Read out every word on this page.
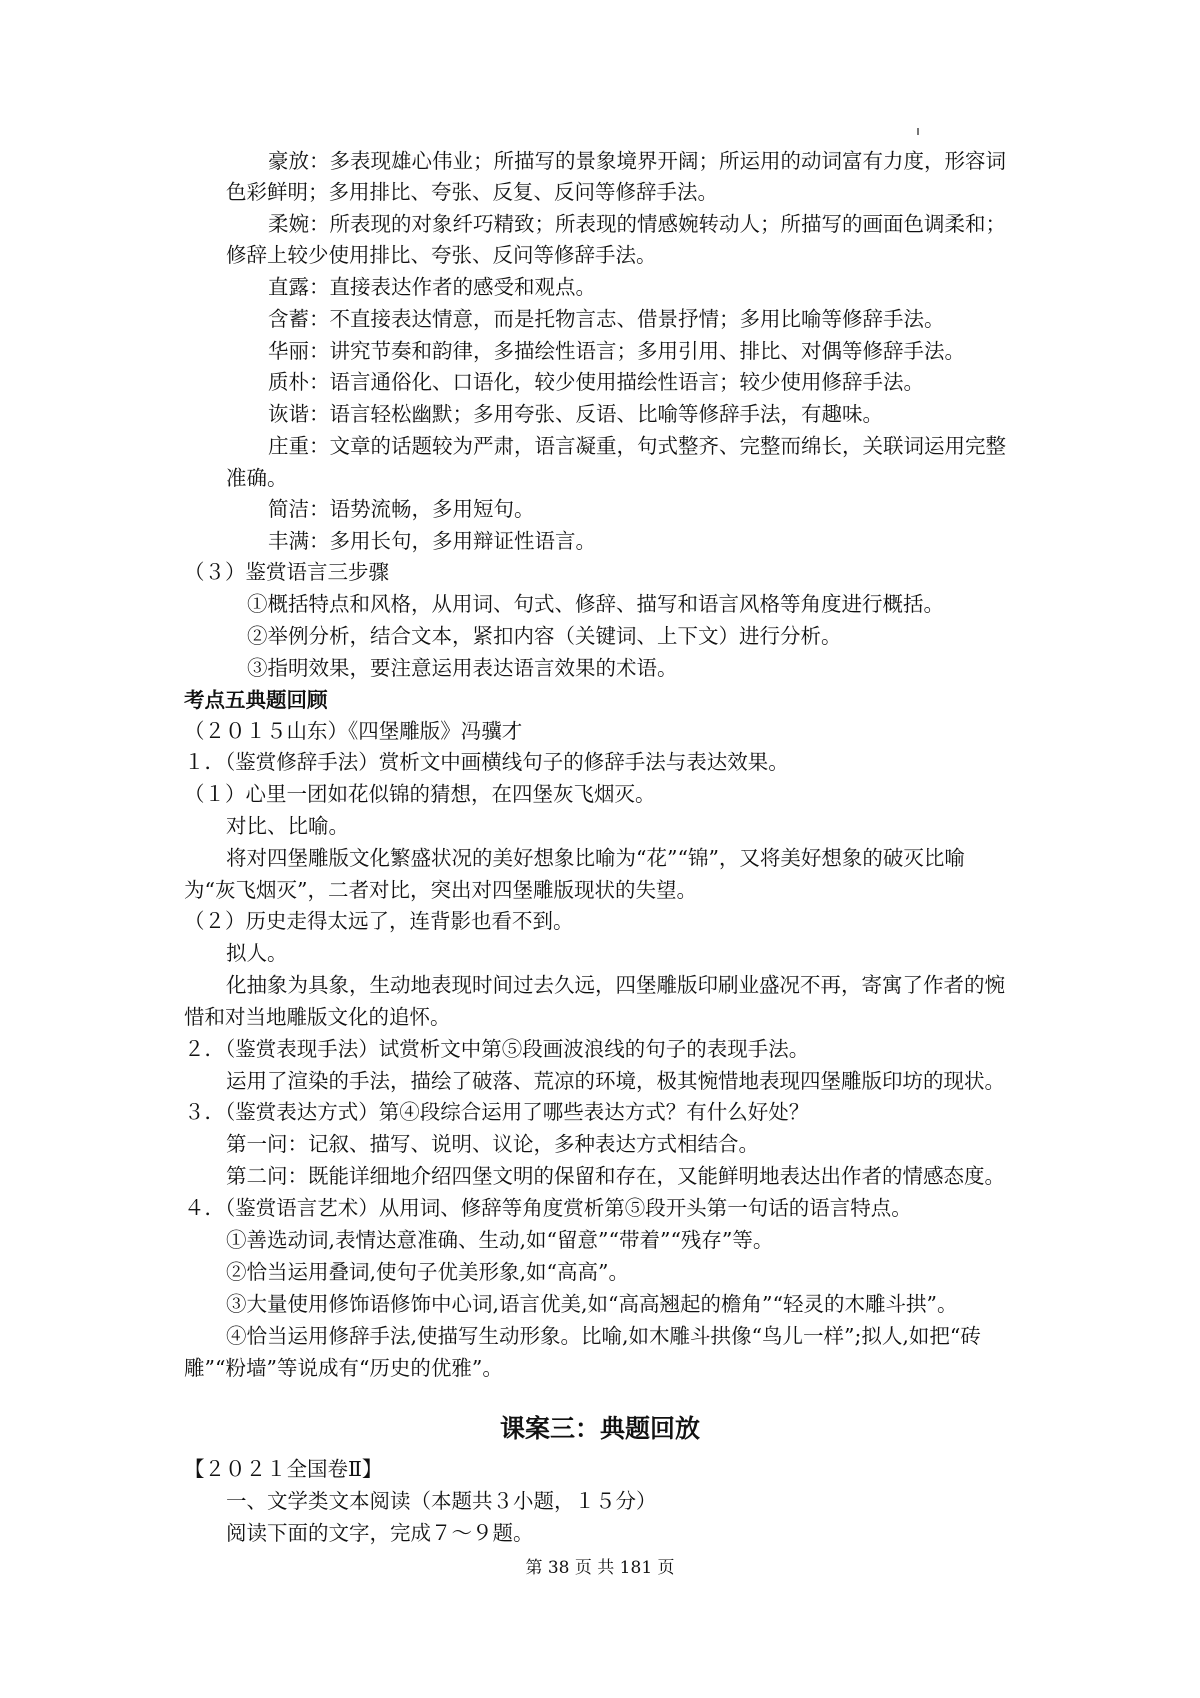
豪放：多表现雄心伟业；所描写的景象境界开阔；所运用的动词富有力度，形容词
色彩鲜明；多用排比、夸张、反复、反问等修辞手法。
柔婉：所表现的对象纤巧精致；所表现的情感婉转动人；所描写的画面色调柔和；
修辞上较少使用排比、夸张、反问等修辞手法。
直露：直接表达作者的感受和观点。
含蓄：不直接表达情意，而是托物言志、借景抒情；多用比喻等修辞手法。
华丽：讲究节奏和韵律，多描绘性语言；多用引用、排比、对偶等修辞手法。
质朴：语言通俗化、口语化，较少使用描绘性语言；较少使用修辞手法。
诙谐：语言轻松幽默；多用夸张、反语、比喻等修辞手法，有趣味。
庄重：文章的话题较为严肃，语言凝重，句式整齐、完整而绵长，关联词运用完整
准确。
简洁：语势流畅，多用短句。
丰满：多用长句，多用辩证性语言。
（３）鉴赏语言三步骤
①概括特点和风格，从用词、句式、修辞、描写和语言风格等角度进行概括。
②举例分析，结合文本，紧扣内容（关键词、上下文）进行分析。
③指明效果，要注意运用表达语言效果的术语。
考点五典题回顾
（２０１５山东）《四堡雕版》冯骥才
１．（鉴赏修辞手法）赏析文中画横线句子的修辞手法与表达效果。
（１）心里一团如花似锦的猜想，在四堡灰飞烟灭。
对比、比喻。
将对四堡雕版文化繁盛状况的美好想象比喻为“花”“锦”，又将美好想象的破灭比喻
为“灰飞烟灭”，二者对比，突出对四堡雕版现状的失望。
（２）历史走得太远了，连背影也看不到。
拟人。
化抽象为具象，生动地表现时间过去久远，四堡雕版印刷业盛况不再，寄寓了作者的惋
惜和对当地雕版文化的追怀。
２．（鉴赏表现手法）试赏析文中第⑤段画波浪线的句子的表现手法。
运用了渲染的手法，描绘了破落、荒凉的环境，极其惋惜地表现四堡雕版印坊的现状。
３．（鉴赏表达方式）第④段综合运用了哪些表达方式？有什么好处？
第一问：记叙、描写、说明、议论，多种表达方式相结合。
第二问：既能详细地介绍四堡文明的保留和存在，又能鲜明地表达出作者的情感态度。
４．（鉴赏语言艺术）从用词、修辞等角度赏析第⑤段开头第一句话的语言特点。
①善选动词,表情达意准确、生动,如“留意”“带着”“残存”等。
②恰当运用叠词,使句子优美形象,如“高高”。
③大量使用修饰语修饰中心词,语言优美,如“高高翘起的檐角”“轻灵的木雕斗拱”。
④恰当运用修辞手法,使描写生动形象。比喻,如木雕斗拱像“鸟儿一样”;拟人,如把“砖
雕”“粉墙”等说成有“历史的优雅”。
课案三：典题回放
【２０２１全国卷Ⅱ】
一、文学类文本阅读（本题共３小题，１５分）
阅读下面的文字，完成７～９题。
第 38 页 共 181 页
